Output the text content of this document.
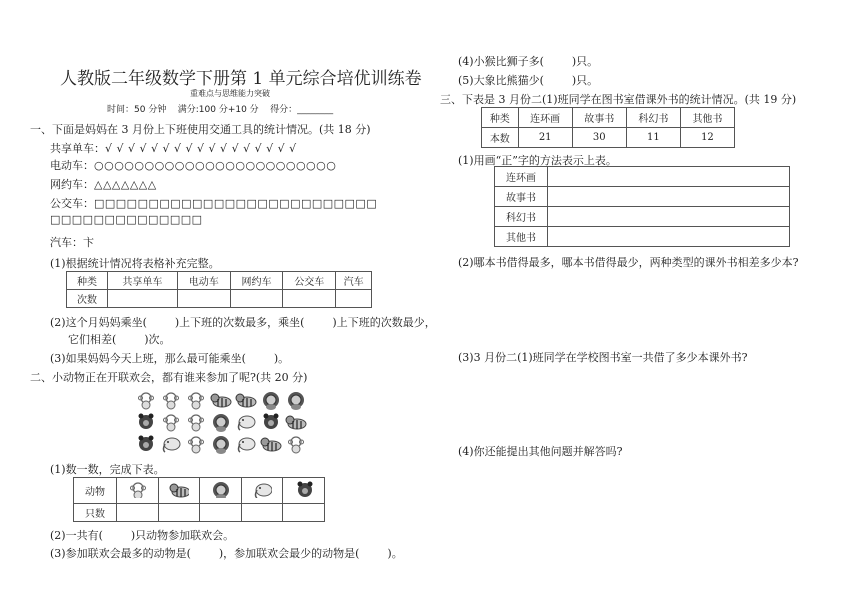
人教版二年级数学下册第 1 单元综合培优训练卷
重难点与思维能力突破
时间：50 分钟    满分:100 分+10 分    得分：________
一、下面是妈妈在 3 月份上下班使用交通工具的统计情况。(共 18 分)
共享单车：√ √ √ √ √ √ √ √ √ √ √ √ √ √ √ √ √
电动车：○○○○○○○○○○○○○○○○○○○○○○○○
网约车：△△△△△△△
公交车：□□□□□□□□□□□□□□□□□□□□□□□□□□
□□□□□□□□□□□□□□
汽车：卞
(1)根据统计情况将表格补充完整。
种类	共享单车	电动车	网约车	公交车	汽车
次数					
(2)这个月妈妈乘坐(        )上下班的次数最多，乘坐(        )上下班的次数最少，
它们相差(        )次。
(3)如果妈妈今天上班，那么最可能乘坐(        )。
二、小动物正在开联欢会，都有谁来参加了呢?(共 20 分)
(1)数一数，完成下表。
动物					
只数					
(2)一共有(        )只动物参加联欢会。
(3)参加联欢会最多的动物是(        )，参加联欢会最少的动物是(        )。
(4)小猴比狮子多(        )只。
(5)大象比熊猫少(        )只。
三、下表是 3 月份二(1)班同学在图书室借课外书的统计情况。(共 19 分)
种类	连环画	故事书	科幻书	其他书
本数	21	30	11	12
(1)用画“正”字的方法表示上表。
连环画	
故事书	
科幻书	
其他书	
(2)哪本书借得最多，哪本书借得最少，两种类型的课外书相差多少本?
(3)3 月份二(1)班同学在学校图书室一共借了多少本课外书?
(4)你还能提出其他问题并解答吗?
